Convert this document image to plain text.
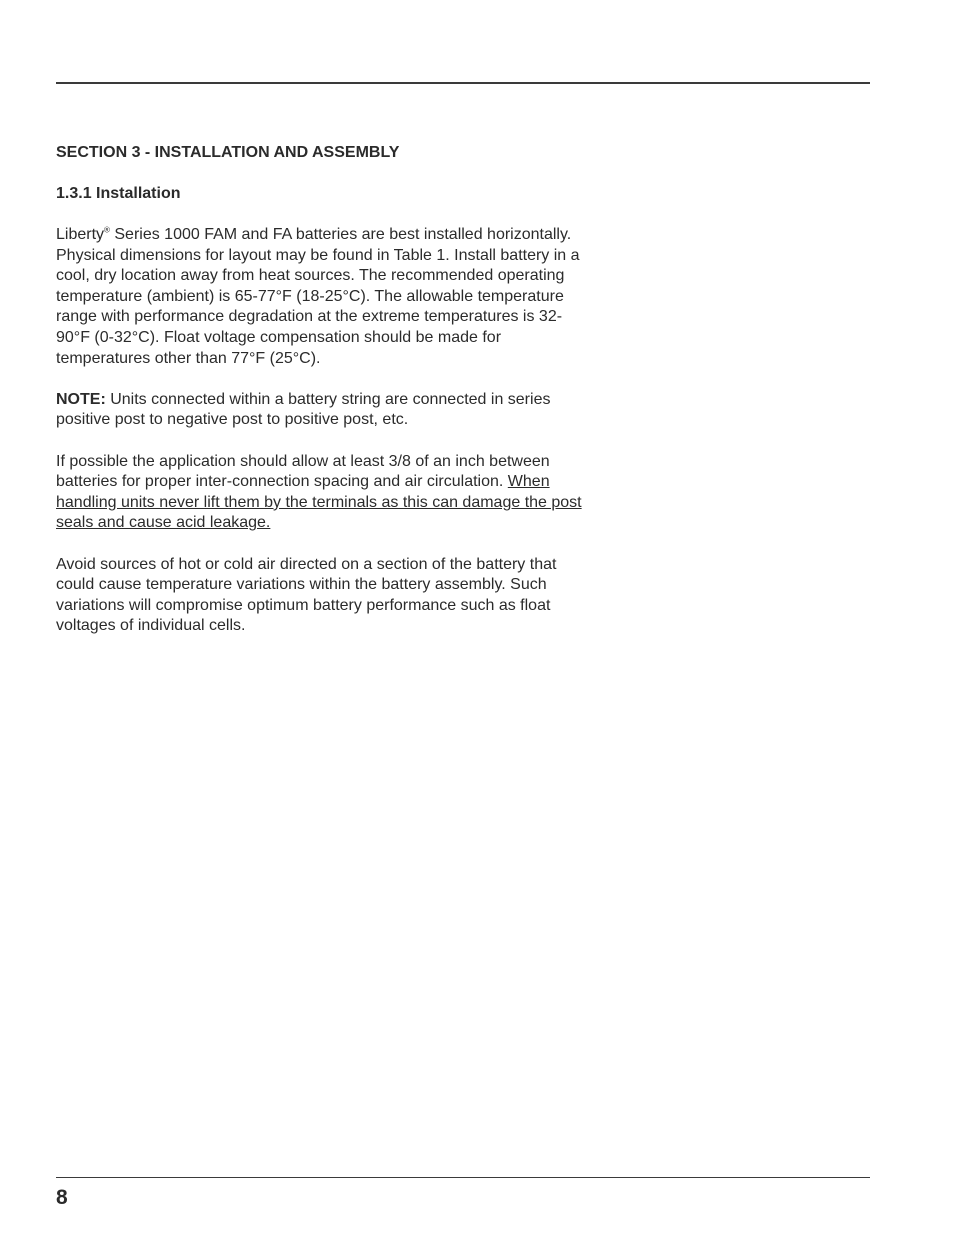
SECTION 3 - INSTALLATION AND ASSEMBLY
1.3.1 Installation

Liberty® Series 1000 FAM and FA batteries are best installed horizontally. Physical dimensions for layout may be found in Table 1. Install battery in a cool, dry location away from heat sources. The recommended operating temperature (ambient) is 65-77°F (18-25°C). The allowable temperature range with performance degradation at the extreme temperatures is 32-90°F (0-32°C). Float voltage compensation should be made for temperatures other than 77°F (25°C).

NOTE: Units connected within a battery string are connected in series positive post to negative post to positive post, etc.

If possible the application should allow at least 3/8 of an inch between batteries for proper inter-connection spacing and air circulation. When handling units never lift them by the terminals as this can damage the post seals and cause acid leakage.

Avoid sources of hot or cold air directed on a section of the battery that could cause temperature variations within the battery assembly. Such variations will compromise optimum battery performance such as float voltages of individual cells.

8
